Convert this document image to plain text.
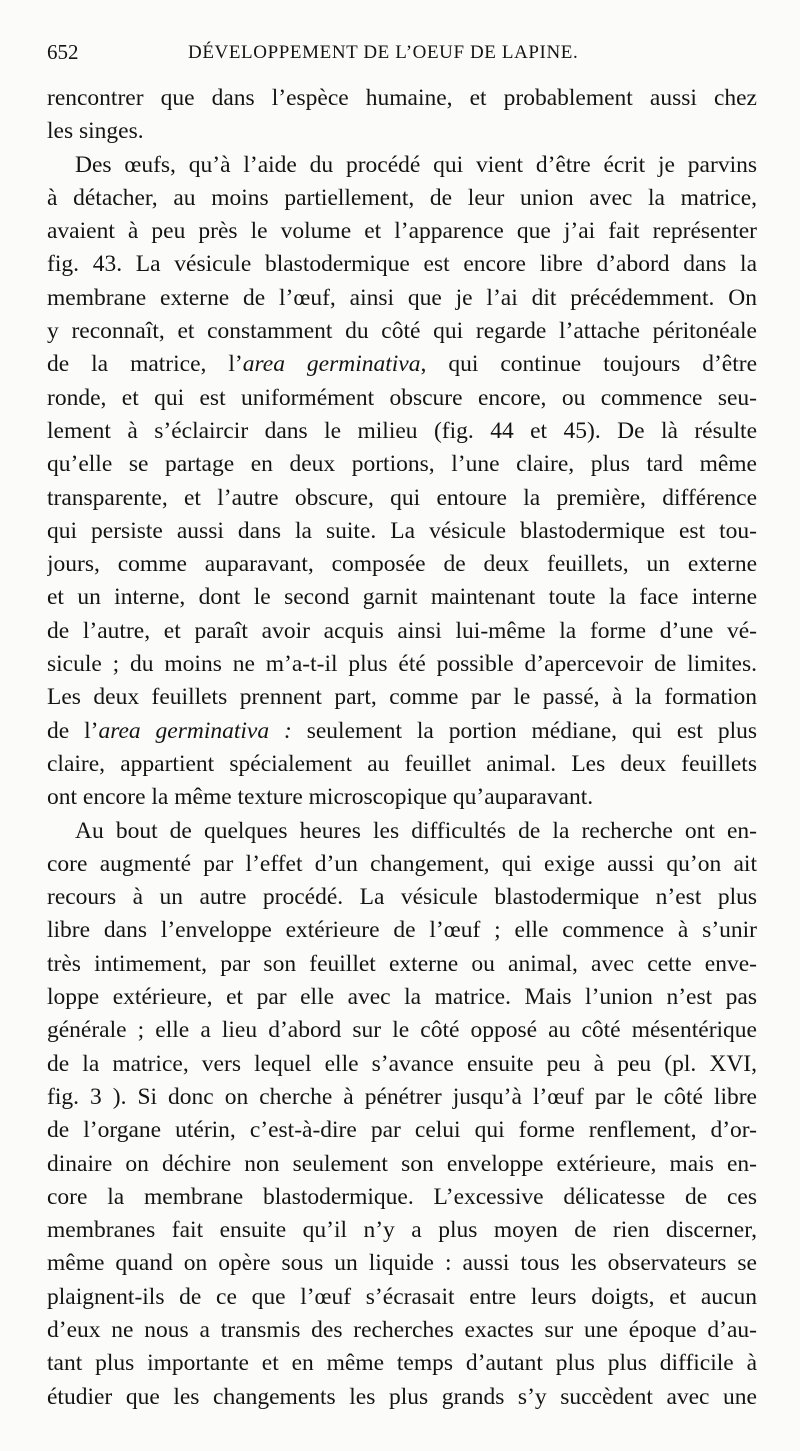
652	DÉVELOPPEMENT DE L’OEUF DE LAPINE.
rencontrer que dans l’espèce humaine, et probablement aussi chez
les singes.
Des œufs, qu’à l’aide du procédé qui vient d’être écrit je parvins
à détacher, au moins partiellement, de leur union avec la matrice,
avaient à peu près le volume et l’apparence que j’ai fait représenter
fig. 43. La vésicule blastodermique est encore libre d’abord dans la
membrane externe de l’œuf, ainsi que je l’ai dit précédemment. On
y reconnaît, et constamment du côté qui regarde l’attache péritonéale
de la matrice, l’area germinativa, qui continue toujours d’être
ronde, et qui est uniformément obscure encore, ou commence seu-
lement à s’éclaircir dans le milieu (fig. 44 et 45). De là résulte
qu’elle se partage en deux portions, l’une claire, plus tard même
transparente, et l’autre obscure, qui entoure la première, différence
qui persiste aussi dans la suite. La vésicule blastodermique est tou-
jours, comme auparavant, composée de deux feuillets, un externe
et un interne, dont le second garnit maintenant toute la face interne
de l’autre, et paraît avoir acquis ainsi lui-même la forme d’une vé-
sicule ; du moins ne m’a-t-il plus été possible d’apercevoir de limites.
Les deux feuillets prennent part, comme par le passé, à la formation
de l’area germinativa : seulement la portion médiane, qui est plus
claire, appartient spécialement au feuillet animal. Les deux feuillets
ont encore la même texture microscopique qu’auparavant.
Au bout de quelques heures les difficultés de la recherche ont en-
core augmenté par l’effet d’un changement, qui exige aussi qu’on ait
recours à un autre procédé. La vésicule blastodermique n’est plus
libre dans l’enveloppe extérieure de l’œuf ; elle commence à s’unir
très intimement, par son feuillet externe ou animal, avec cette enve-
loppe extérieure, et par elle avec la matrice. Mais l’union n’est pas
générale ; elle a lieu d’abord sur le côté opposé au côté mésentérique
de la matrice, vers lequel elle s’avance ensuite peu à peu (pl. XVI,
fig. 3 ). Si donc on cherche à pénétrer jusqu’à l’œuf par le côté libre
de l’organe utérin, c’est-à-dire par celui qui forme renflement, d’or-
dinaire on déchire non seulement son enveloppe extérieure, mais en-
core la membrane blastodermique. L’excessive délicatesse de ces
membranes fait ensuite qu’il n’y a plus moyen de rien discerner,
même quand on opère sous un liquide : aussi tous les observateurs se
plaignent-ils de ce que l’œuf s’écrasait entre leurs doigts, et aucun
d’eux ne nous a transmis des recherches exactes sur une époque d’au-
tant plus importante et en même temps d’autant plus plus difficile à
étudier que les changements les plus grands s’y succèdent avec une
